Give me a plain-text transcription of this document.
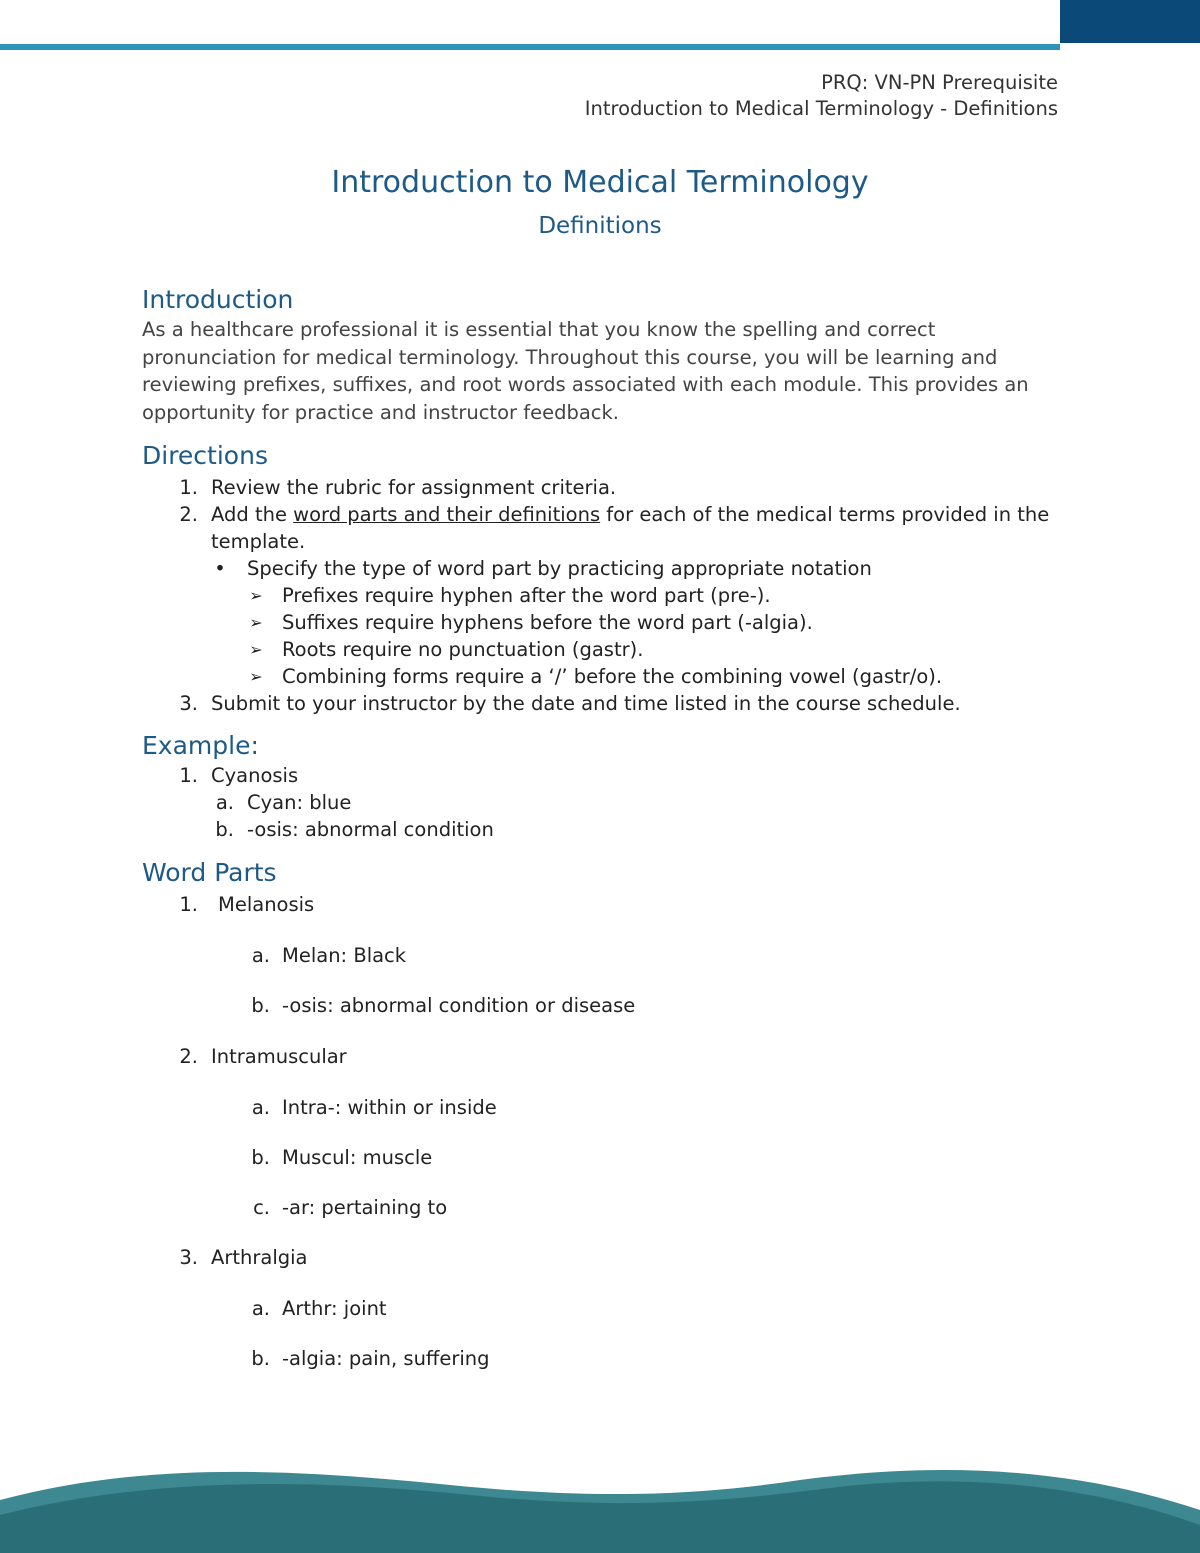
PRQ: VN-PN Prerequisite
Introduction to Medical Terminology - Definitions
Introduction to Medical Terminology
Definitions
Introduction

As a healthcare professional it is essential that you know the spelling and correct pronunciation for medical terminology. Throughout this course, you will be learning and reviewing prefixes, suffixes, and root words associated with each module. This provides an opportunity for practice and instructor feedback.

Directions
1. Review the rubric for assignment criteria.
2. Add the word parts and their definitions for each of the medical terms provided in the template.
•	Specify the type of word part by practicing appropriate notation
➢ Prefixes require hyphen after the word part (pre-).
➢ Suffixes require hyphens before the word part (-algia).
➢ Roots require no punctuation (gastr).
➢ Combining forms require a ‘/’ before the combining vowel (gastr/o).
3. Submit to your instructor by the date and time listed in the course schedule.
Example:
1. Cyanosis
a. Cyan: blue
b. -osis: abnormal condition
Word Parts
1.	Melanosis
a. Melan: Black
b. -osis: abnormal condition or disease
2. Intramuscular
a. Intra-: within or inside
b. Muscul: muscle
c. -ar: pertaining to
3. Arthralgia
a. Arthr: joint
b. -algia: pain, suffering
